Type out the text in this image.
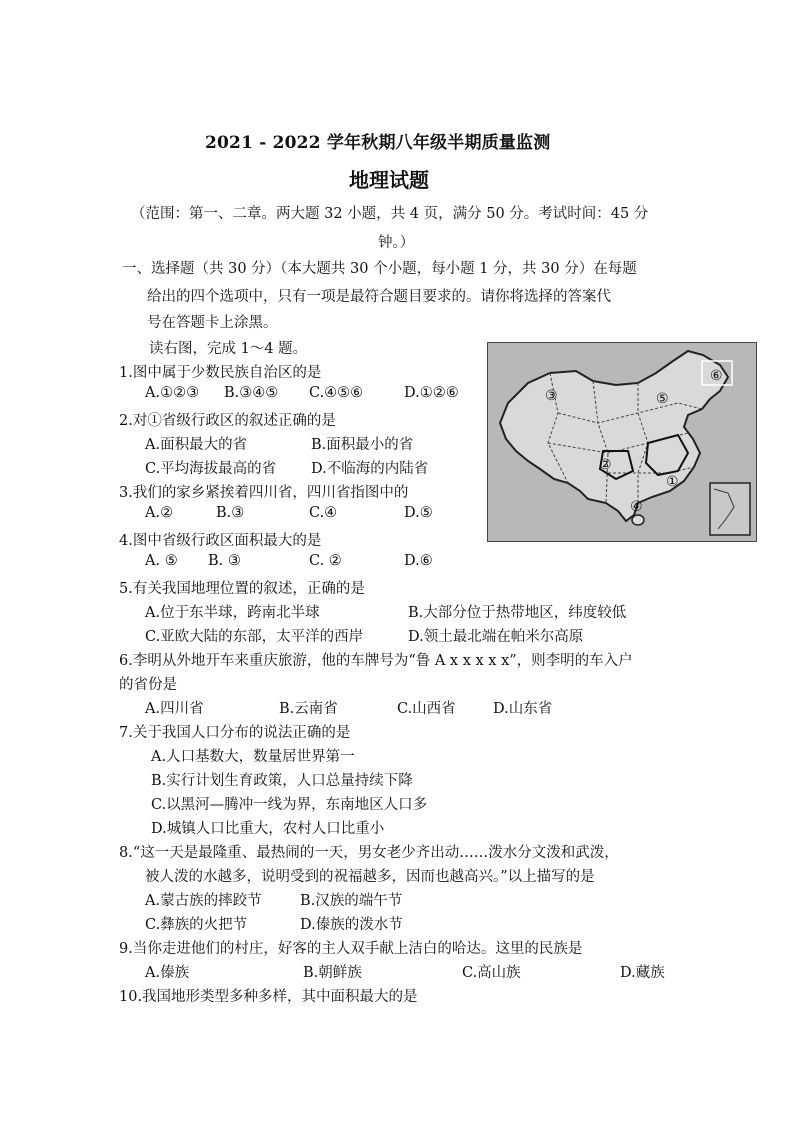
2021 - 2022 学年秋期八年级半期质量监测
地理试题
（范围：第一、二章。两大题 32 小题，共 4 页，满分 50 分。考试时间：45 分
钟。）
一、选择题（共 30 分）（本大题共 30 个小题，每小题 1 分，共 30 分）在每题
给出的四个选项中，只有一项是最符合题目要求的。请你将选择的答案代
号在答题卡上涂黑。
读右图，完成 1～4 题。
①
②
③
④
⑤
⑥
1.图中属于少数民族自治区的是
A.①②③ B.③④⑤ C.④⑤⑥	D.①②⑥
2.对①省级行政区的叙述正确的是
A.面积最大的省	B.面积最小的省
C.平均海拔最高的省 D.不临海的内陆省
3.我们的家乡紧挨着四川省，四川省指图中的
A.②	B.③	C.④	D.⑤
4.图中省级行政区面积最大的是
A. ⑤ B. ③	C. ②	D.⑥
5.有关我国地理位置的叙述，正确的是
A.位于东半球，跨南北半球	B.大部分位于热带地区，纬度较低
C.亚欧大陆的东部，太平洋的西岸	D.领土最北端在帕米尔高原
6.李明从外地开车来重庆旅游，他的车牌号为“鲁 A x x x x x”，则李明的车入户
的省份是
A.四川省	B.云南省	C.山西省	D.山东省
7.关于我国人口分布的说法正确的是
A.人口基数大，数量居世界第一
B.实行计划生育政策，人口总量持续下降
C.以黑河—腾冲一线为界，东南地区人口多
D.城镇人口比重大，农村人口比重小
8.“这一天是最隆重、最热闹的一天，男女老少齐出动……泼水分文泼和武泼，
被人泼的水越多，说明受到的祝福越多，因而也越高兴。”以上描写的是
A.蒙古族的摔跤节	B.汉族的端午节
C.彝族的火把节	D.傣族的泼水节
9.当你走进他们的村庄，好客的主人双手献上洁白的哈达。这里的民族是
A.傣族	B.朝鲜族	C.高山族	D.藏族
10.我国地形类型多种多样，其中面积最大的是
